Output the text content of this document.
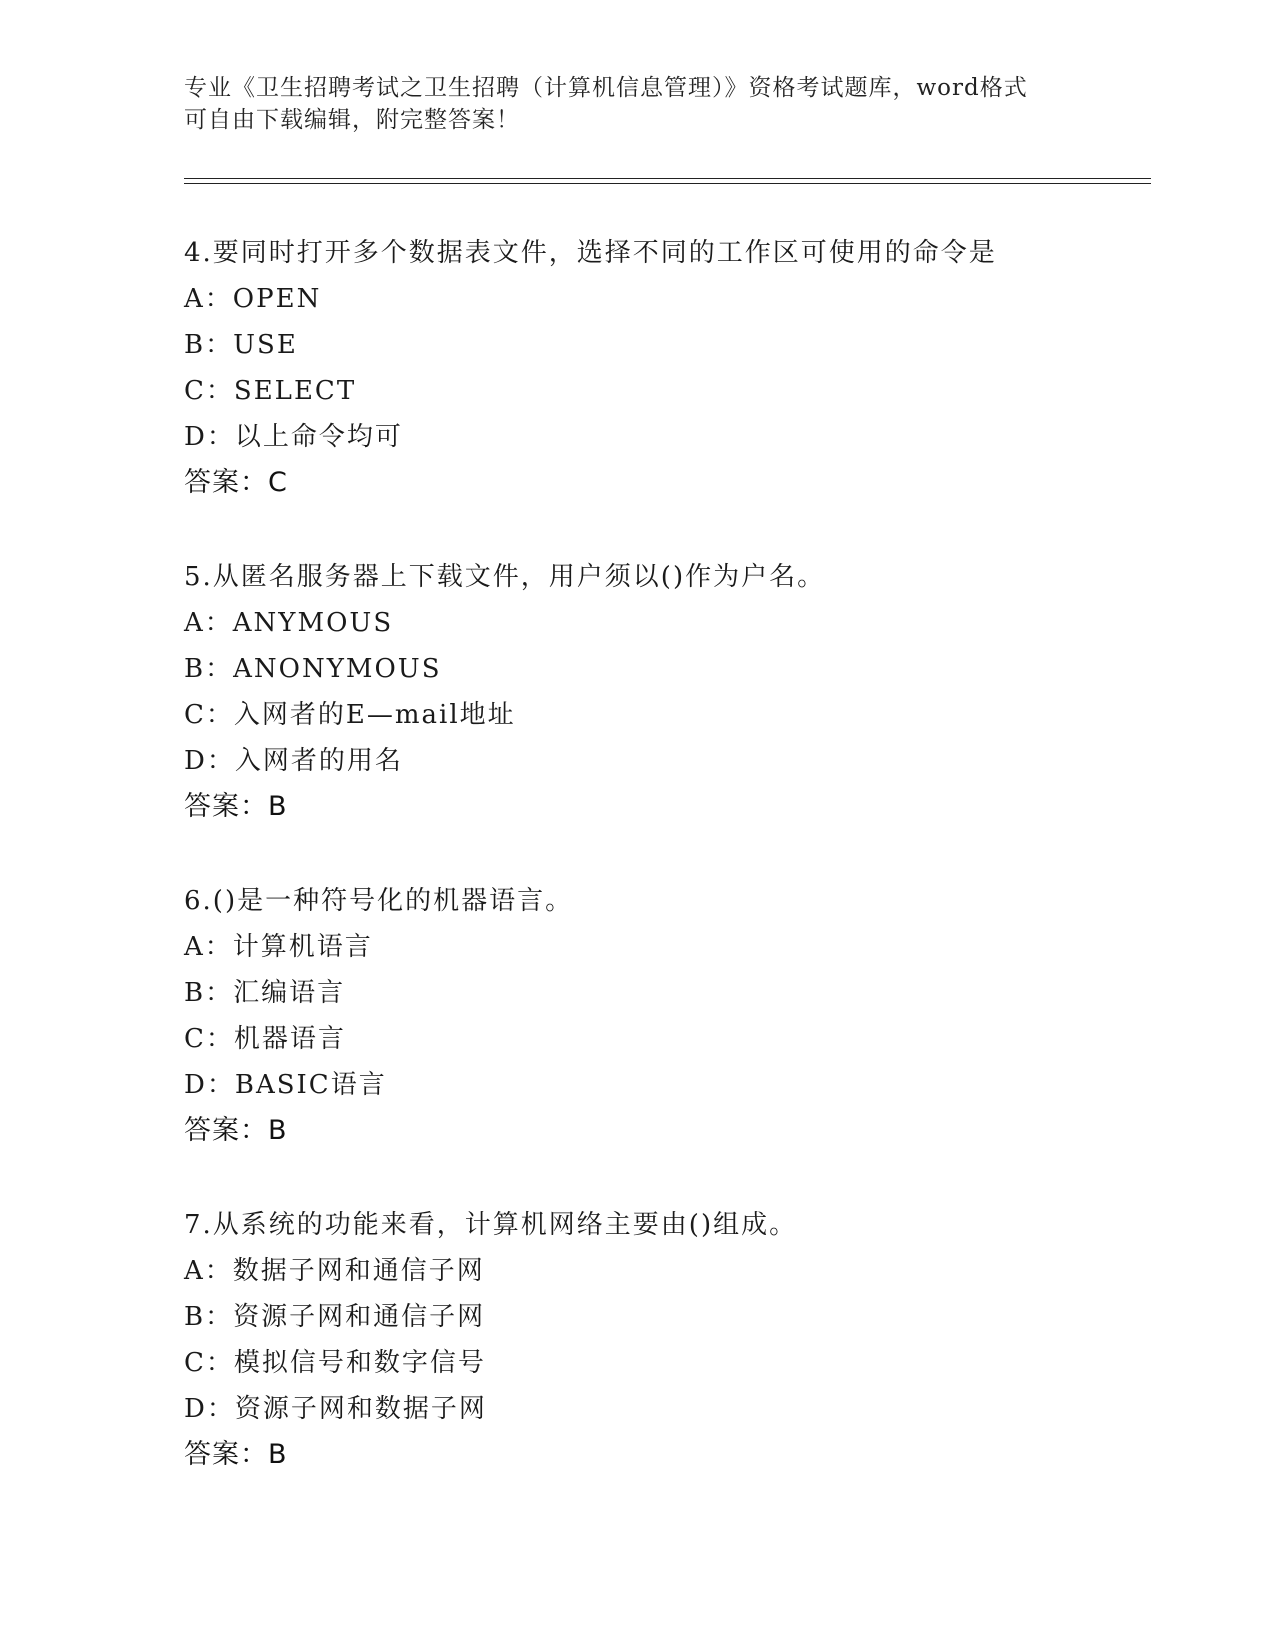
专业《卫生招聘考试之卫生招聘（计算机信息管理）》资格考试题库，word格式
可自由下载编辑，附完整答案！
4.要同时打开多个数据表文件，选择不同的工作区可使用的命令是
A：OPEN
B：USE
C：SELECT
D：以上命令均可
答案：C
5.从匿名服务器上下载文件，用户须以()作为户名。
A：ANYMOUS
B：ANONYMOUS
C：入网者的E—mail地址
D：入网者的用名
答案：B
6.()是一种符号化的机器语言。
A：计算机语言
B：汇编语言
C：机器语言
D：BASIC语言
答案：B
7.从系统的功能来看，计算机网络主要由()组成。
A：数据子网和通信子网
B：资源子网和通信子网
C：模拟信号和数字信号
D：资源子网和数据子网
答案：B
